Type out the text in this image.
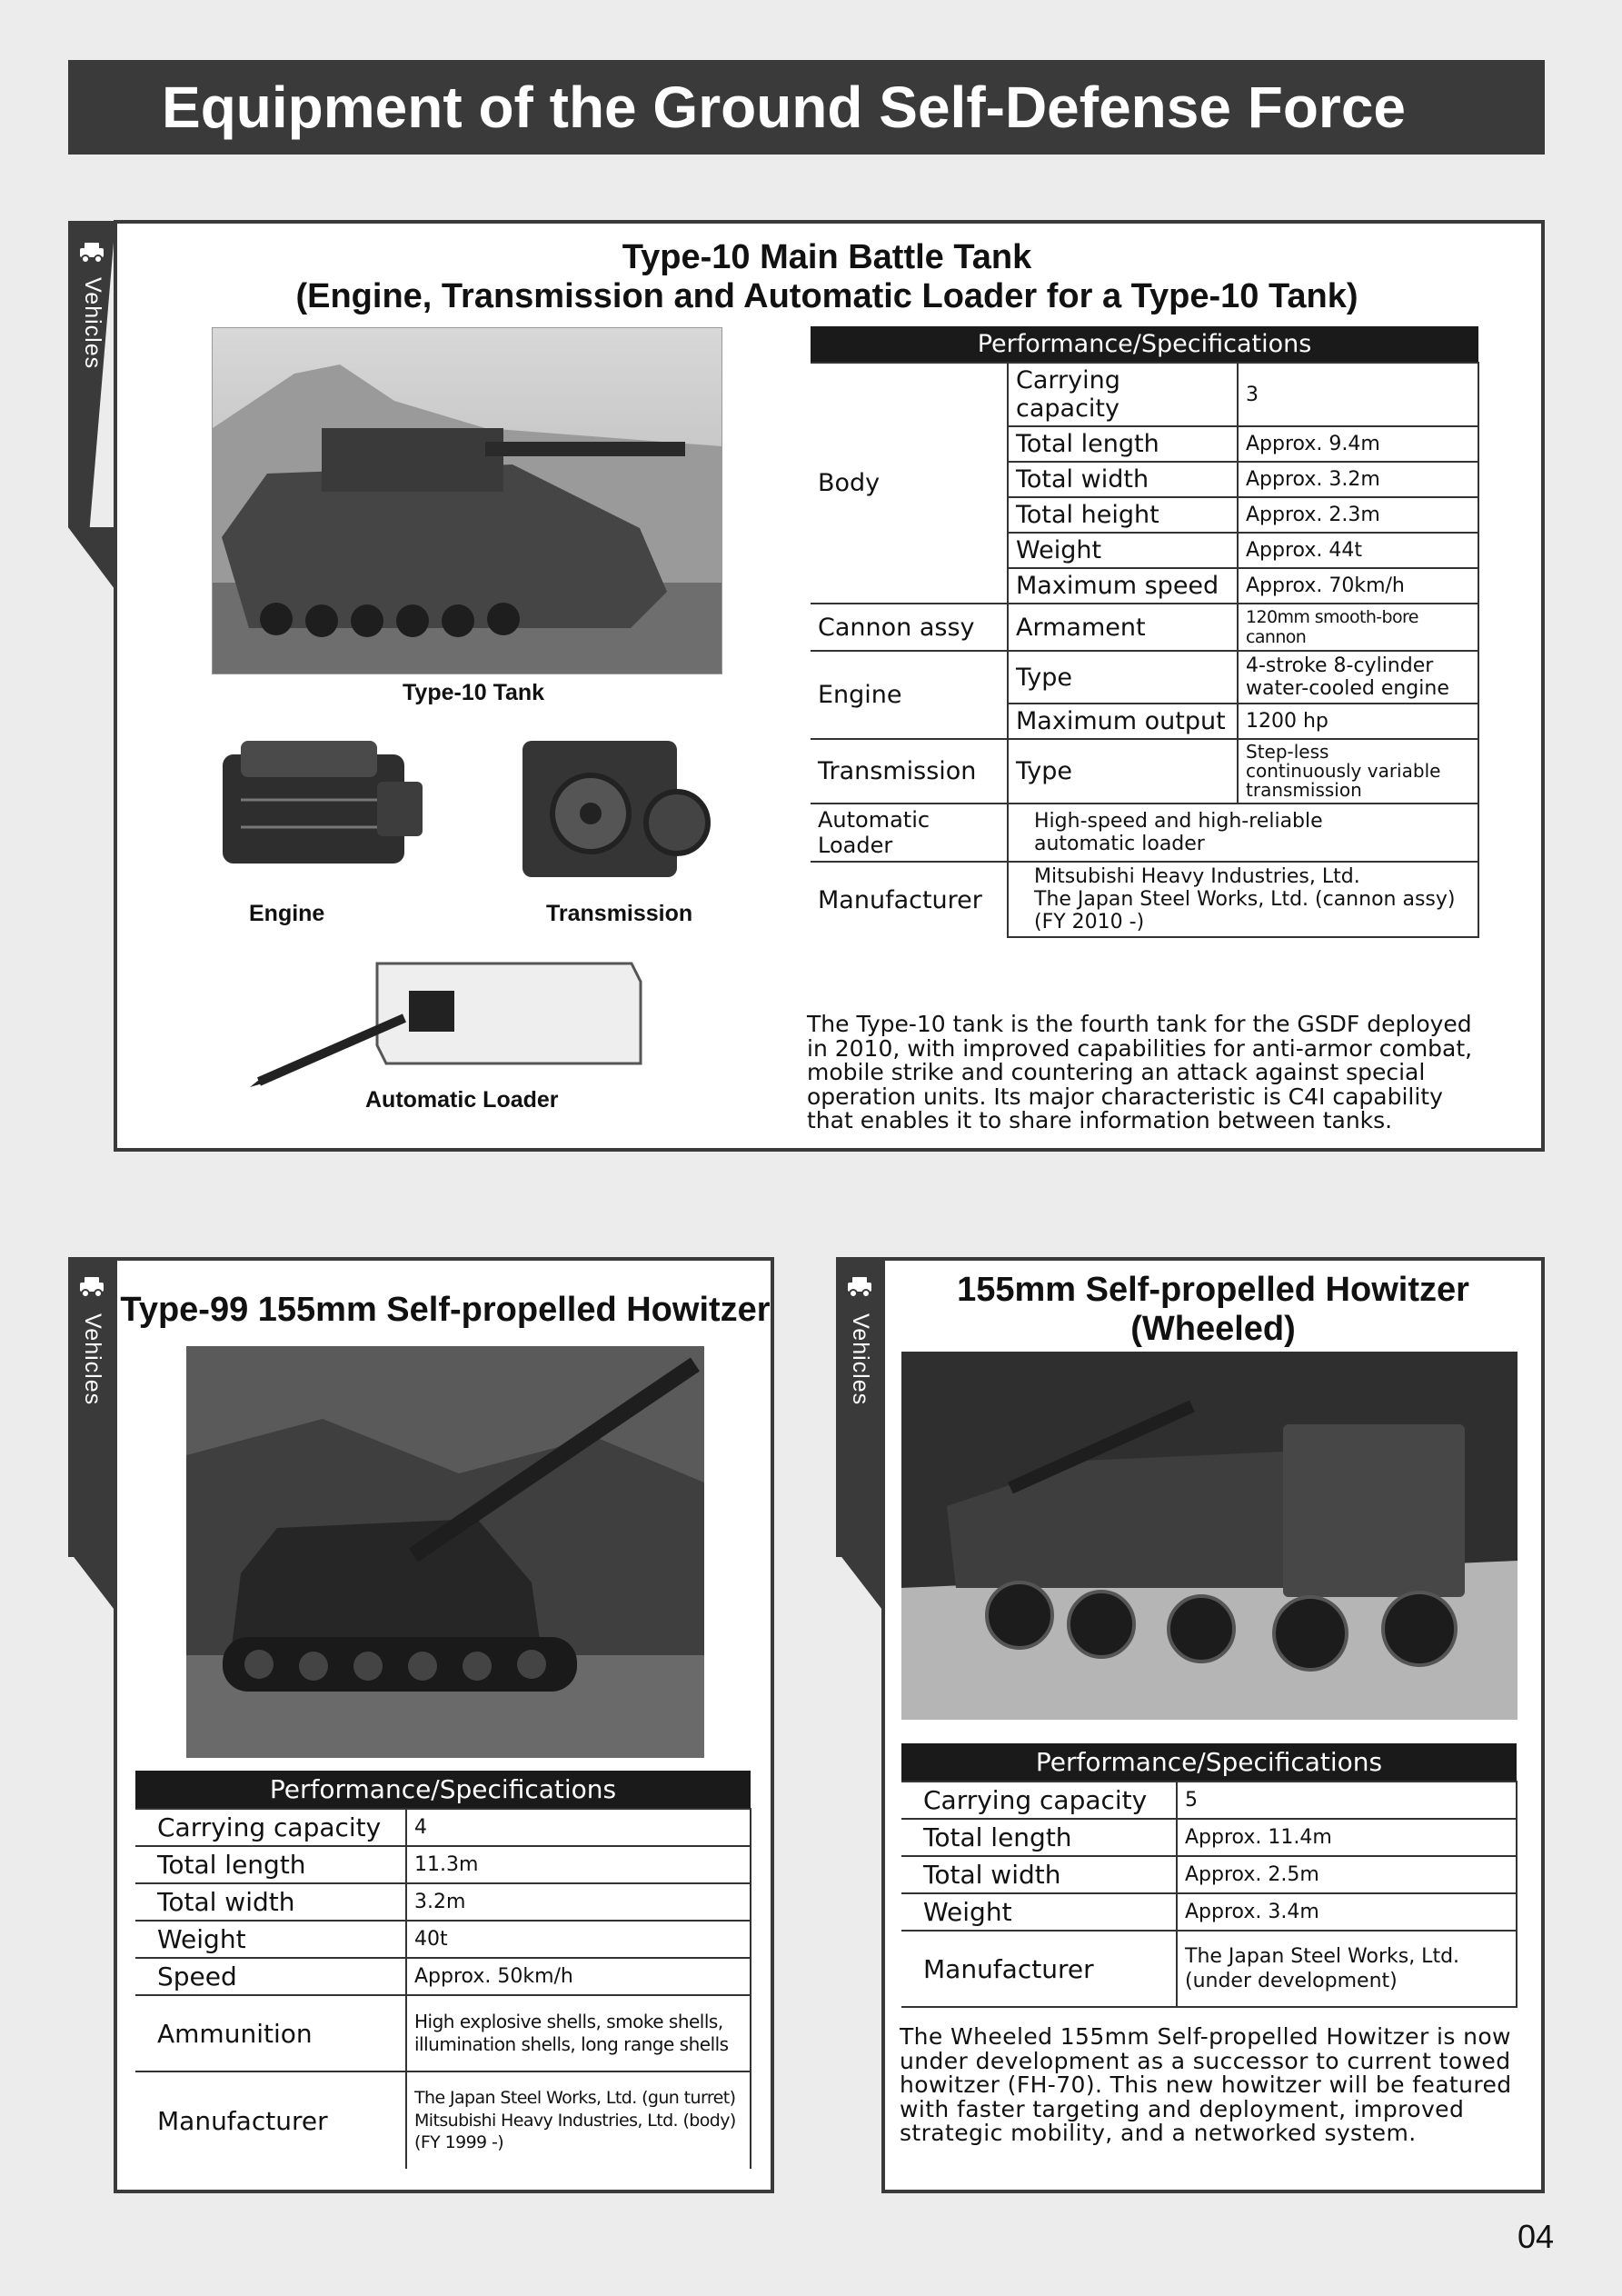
Equipment of the Ground Self-Defense Force
Vehicles
Type-10 Main Battle Tank
(Engine, Transmission and Automatic Loader for a Type-10 Tank)
Type-10 Tank
Engine	Transmission
Automatic Loader
Performance/Specifications		
Body	Carrying capacity	3
	Total length	Approx. 9.4m
	Total width	Approx. 3.2m
	Total height	Approx. 2.3m
	Weight	Approx. 44t
	Maximum speed	Approx. 70km/h
Cannon assy	Armament	120mm smooth-bore cannon
Engine	Type	4-stroke 8-cylinder
water-cooled engine

	Maximum output	1200 hp
Transmission	Type	Step-less
continuously variable
transmission

Automatic Loader	High-speed and high-reliable
automatic loader	

Manufacturer	Mitsubishi Heavy Industries, Ltd.
The Japan Steel Works, Ltd. (cannon assy)
(FY 2010 -)	
The Type-10 tank is the fourth tank for the GSDF deployed in 2010, with improved capabilities for anti-armor combat, mobile strike and countering an attack against special operation units. Its major characteristic is C4I capability that enables it to share information between tanks.
Vehicles
Type-99 155mm Self-propelled Howitzer
Performance/Specifications	
Carrying capacity	4
Total length	11.3m
Total width	3.2m
Weight	40t
Speed	Approx. 50km/h
Ammunition	High explosive shells, smoke shells,
illumination shells, long range shells

Manufacturer	The Japan Steel Works, Ltd. (gun turret)
Mitsubishi Heavy Industries, Ltd. (body)
(FY 1999 -)
Vehicles
155mm Self-propelled Howitzer
(Wheeled)
Performance/Specifications	
Carrying capacity	5
Total length	Approx. 11.4m
Total width	Approx. 2.5m
Weight	Approx. 3.4m
Manufacturer	The Japan Steel Works, Ltd.
(under development)
The Wheeled 155mm Self-propelled Howitzer is now under development as a successor to current towed howitzer (FH-70). This new howitzer will be featured with faster targeting and deployment, improved strategic mobility, and a networked system.
04
